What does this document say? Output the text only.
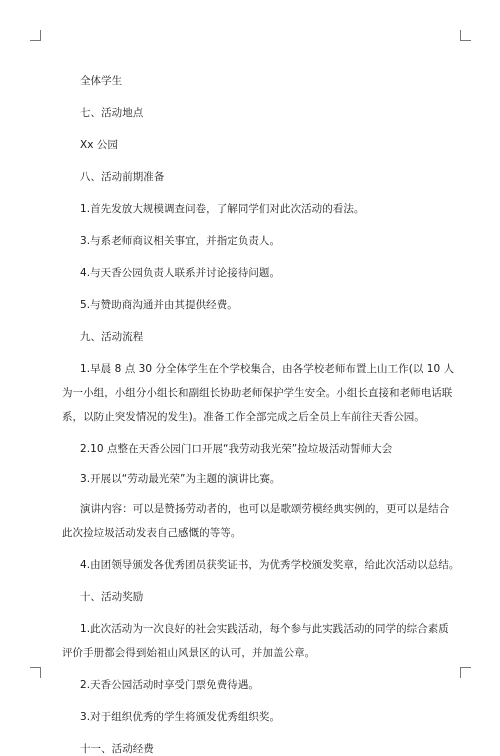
全体学生

七、活动地点

Xx 公园

八、活动前期准备

1.首先发放大规模调查问卷，了解同学们对此次活动的看法。

3.与系老师商议相关事宜，并指定负责人。

4.与天香公园负责人联系并讨论接待问题。

5.与赞助商沟通并由其提供经费。

九、活动流程

1.早晨 8 点 30 分全体学生在个学校集合，由各学校老师布置上山工作(以 10 人

为一小组，小组分小组长和副组长协助老师保护学生安全。小组长直接和老师电话联

系，以防止突发情况的发生)。准备工作全部完成之后全员上车前往天香公园。

2.10 点整在天香公园门口开展“我劳动我光荣”捡垃圾活动誓师大会

3.开展以“劳动最光荣”为主题的演讲比赛。

演讲内容：可以是赞扬劳动者的，也可以是歌颂劳模经典实例的，更可以是结合

此次捡垃圾活动发表自己感慨的等等。

4.由团领导颁发各优秀团员获奖证书，为优秀学校颁发奖章，给此次活动以总结。

十、活动奖励

1.此次活动为一次良好的社会实践活动，每个参与此实践活动的同学的综合素质

评价手册都会得到始祖山风景区的认可，并加盖公章。

2.天香公园活动时享受门票免费待遇。

3.对于组织优秀的学生将颁发优秀组织奖。

十一、活动经费
